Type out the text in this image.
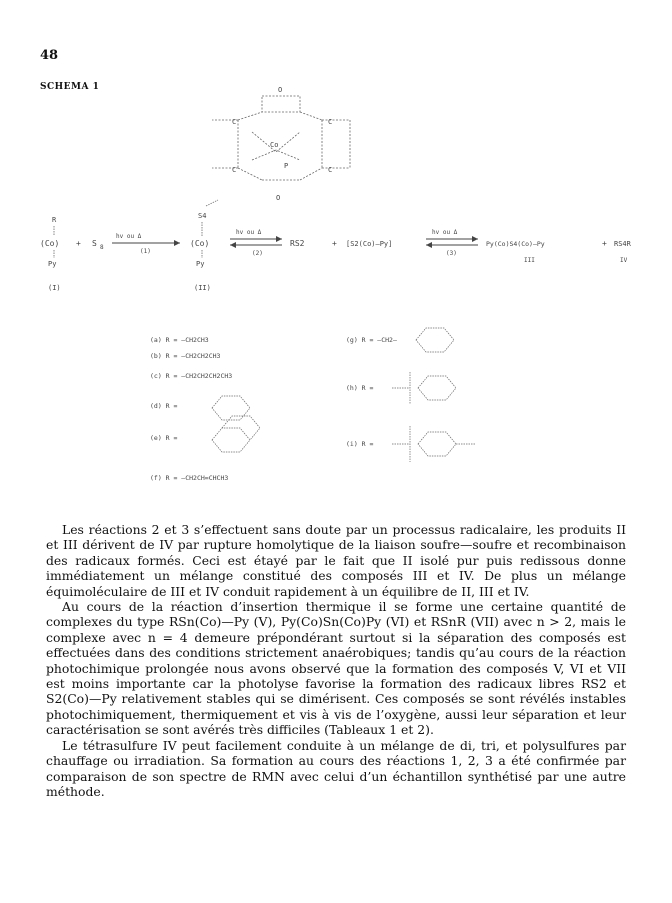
48
SCHEMA 1	O
O
C	C
C	C
Co
P
R
(Co)
Py
(I)
+ S 8
hv ou Δ
(1)
S4
(Co)
Py
(II)
hv ou Δ
(2)
RS2	+ [S2(Co)—Py]
hv ou Δ
(3)
Py(Co)S4(Co)—Py
III
+ RS4R
IV
(a) R = —CH2CH3
(b) R = —CH2CH2CH3
(c) R = —CH2CH2CH2CH3
(d) R =
(e) R =
(f) R = —CH2CH=CHCH3
(g) R = —CH2—
(h) R =
(i) R =

Les réactions 2 et 3 s’effectuent sans doute par un processus radicalaire, les produits II et III dérivent de IV par rupture homolytique de la liaison soufre—soufre et recombinaison des radicaux formés. Ceci est étayé par le fait que II isolé pur puis redissous donne immédiatement un mélange constitué des composés III et IV. De plus un mélange équimoléculaire de III et IV conduit rapidement à un équilibre de II, III et IV.

Au cours de la réaction d’insertion thermique il se forme une certaine quantité de complexes du type RSn(Co)—Py (V), Py(Co)Sn(Co)Py (VI) et RSnR (VII) avec n > 2, mais le complexe avec n = 4 demeure prépondérant surtout si la séparation des composés est effectuées dans des conditions strictement anaérobiques; tandis qu’au cours de la réaction photochimique prolongée nous avons observé que la formation des composés V, VI et VII est moins importante car la photolyse favorise la formation des radicaux libres RS2 et S2(Co)—Py relativement stables qui se dimérisent. Ces composés se sont révélés instables photochimiquement, thermiquement et vis à vis de l’oxygène, aussi leur séparation et leur caractérisation se sont avérés très difficiles (Tableaux 1 et 2).

Le tétrasulfure IV peut facilement conduite à un mélange de di, tri, et polysulfures par chauffage ou irradiation. Sa formation au cours des réactions 1, 2, 3 a été confirmée par comparaison de son spectre de RMN avec celui d’un échantillon synthétisé par une autre méthode.
